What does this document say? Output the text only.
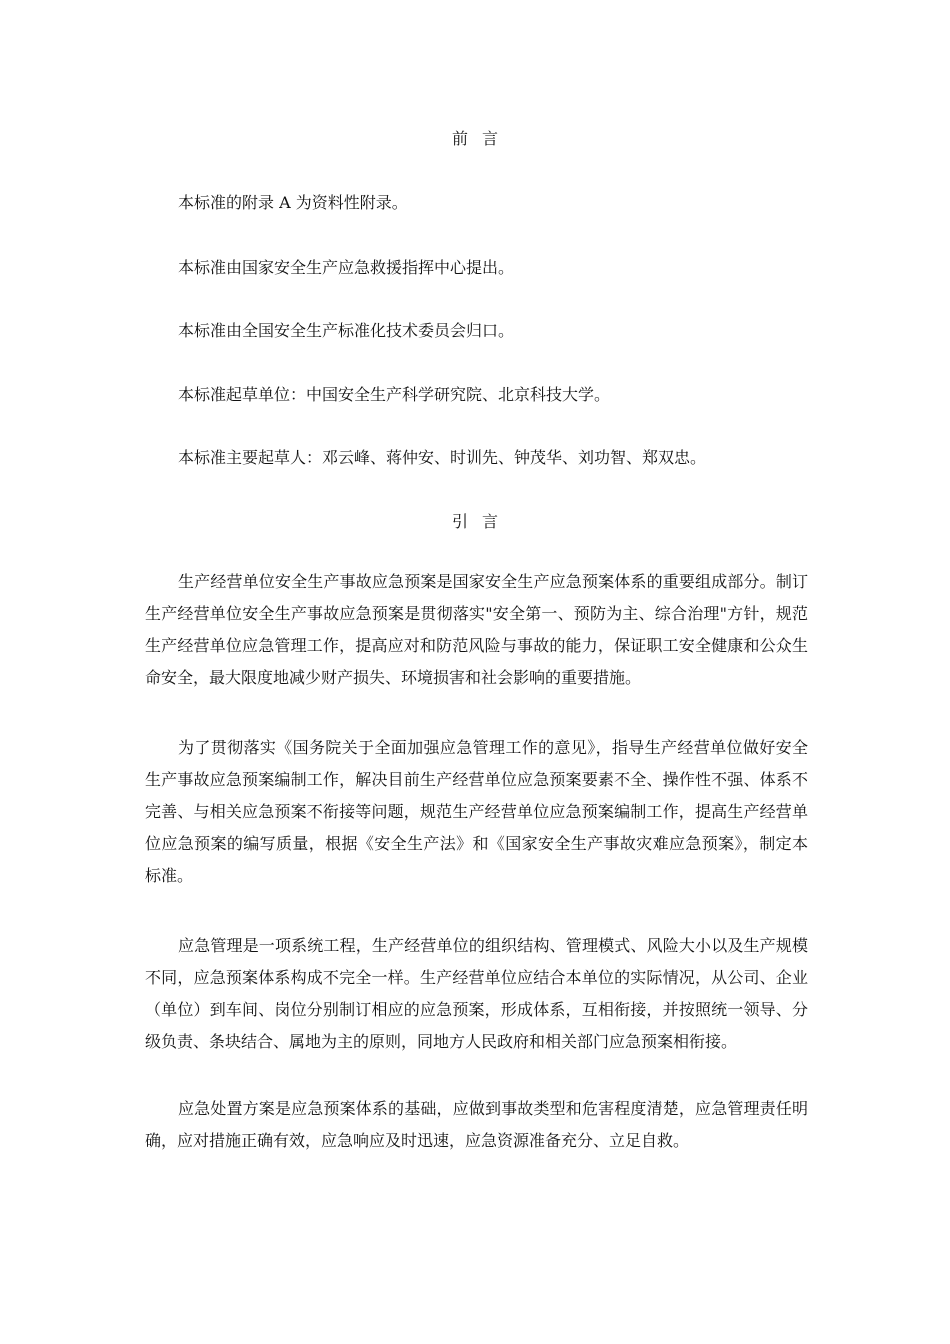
前言
本标准的附录 A 为资料性附录。
本标准由国家安全生产应急救援指挥中心提出。
本标准由全国安全生产标准化技术委员会归口。
本标准起草单位：中国安全生产科学研究院、北京科技大学。
本标准主要起草人：邓云峰、蒋仲安、时训先、钟茂华、刘功智、郑双忠。
引言
生产经营单位安全生产事故应急预案是国家安全生产应急预案体系的重要组成部分。制订生产经营单位安全生产事故应急预案是贯彻落实"安全第一、预防为主、综合治理"方针，规范生产经营单位应急管理工作，提高应对和防范风险与事故的能力，保证职工安全健康和公众生命安全，最大限度地减少财产损失、环境损害和社会影响的重要措施。
为了贯彻落实《国务院关于全面加强应急管理工作的意见》，指导生产经营单位做好安全生产事故应急预案编制工作，解决目前生产经营单位应急预案要素不全、操作性不强、体系不完善、与相关应急预案不衔接等问题，规范生产经营单位应急预案编制工作，提高生产经营单位应急预案的编写质量，根据《安全生产法》和《国家安全生产事故灾难应急预案》，制定本标准。
应急管理是一项系统工程，生产经营单位的组织结构、管理模式、风险大小以及生产规模不同，应急预案体系构成不完全一样。生产经营单位应结合本单位的实际情况，从公司、企业（单位）到车间、岗位分别制订相应的应急预案，形成体系，互相衔接，并按照统一领导、分级负责、条块结合、属地为主的原则，同地方人民政府和相关部门应急预案相衔接。
应急处置方案是应急预案体系的基础，应做到事故类型和危害程度清楚，应急管理责任明确，应对措施正确有效，应急响应及时迅速，应急资源准备充分、立足自救。
